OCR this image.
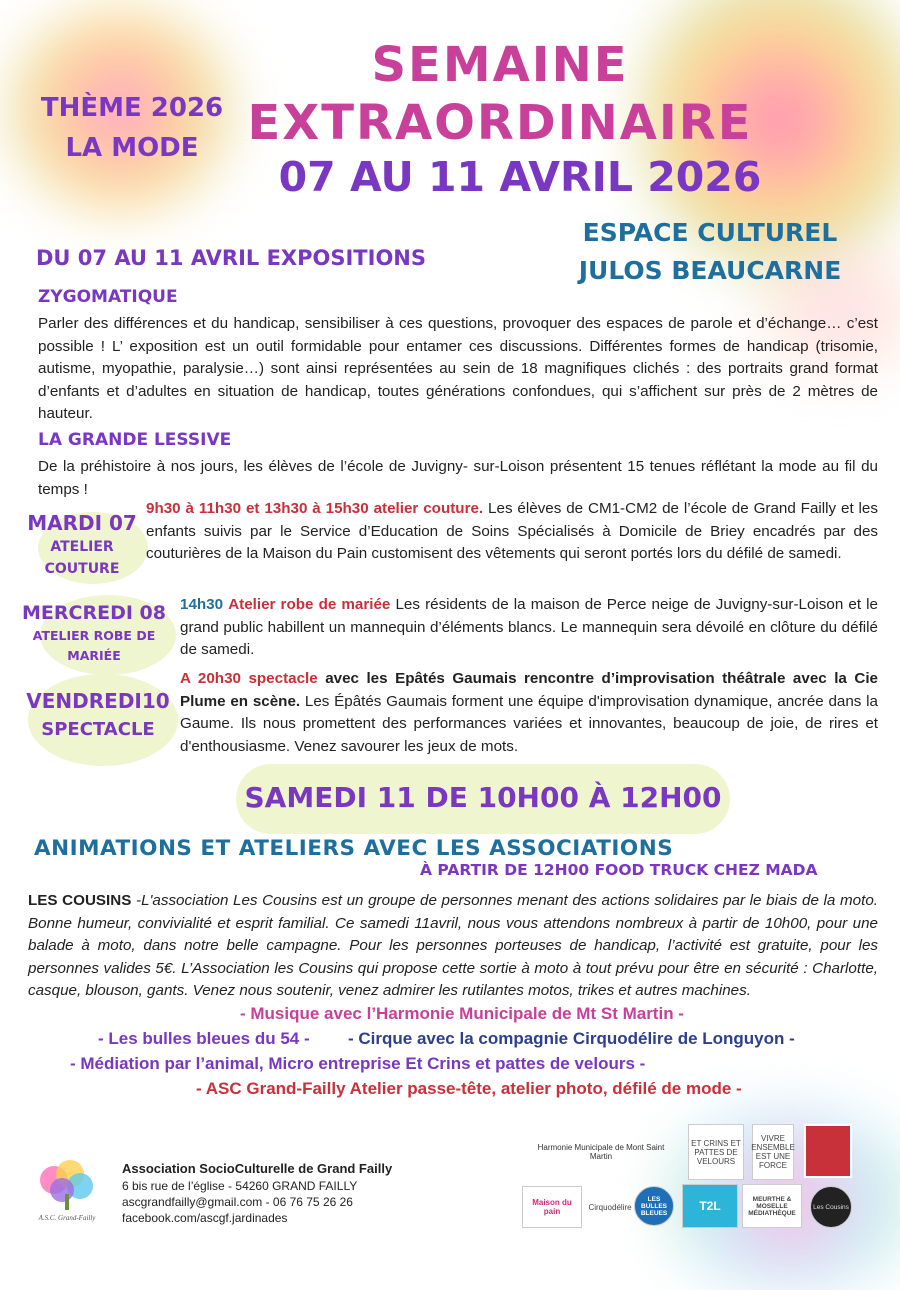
THÈME 2026
LA MODE
SEMAINE
EXTRAORDINAIRE
07 AU 11 AVRIL 2026
ESPACE CULTUREL
JULOS BEAUCARNE
DU 07 AU 11 AVRIL EXPOSITIONS
ZYGOMATIQUE
Parler des différences et du handicap, sensibiliser à ces questions, provoquer des espaces de parole et d’échange… c’est possible ! L’ exposition est un outil formidable pour entamer ces discussions. Différentes formes de handicap (trisomie, autisme, myopathie, paralysie…) sont ainsi représentées au sein de 18 magnifiques clichés : des portraits grand format d’enfants et d’adultes en situation de handicap, toutes générations confondues, qui s’affichent sur près de 2 mètres de hauteur.
LA GRANDE LESSIVE
De la préhistoire à nos jours, les élèves de l’école de Juvigny- sur-Loison présentent 15 tenues réflétant la mode au fil du temps !
MARDI 07
ATELIER
COUTURE
9h30 à 11h30 et 13h30 à 15h30 atelier couture. Les élèves de CM1-CM2 de l’école de Grand Failly et les enfants suivis par le Service d’Education de Soins Spécialisés à Domicile de Briey encadrés par des couturières de la Maison du Pain customisent des vêtements qui seront portés lors du défilé de samedi.
MERCREDI 08
ATELIER ROBE DE
MARIÉE
14h30 Atelier robe de mariée Les résidents de la maison de Perce neige de Juvigny-sur-Loison et le grand public habillent un mannequin d’éléments blancs. Le mannequin sera dévoilé en clôture du défilé de samedi.
VENDREDI10
SPECTACLE
A 20h30 spectacle avec les Epâtés Gaumais rencontre d’improvisation théâtrale avec la Cie Plume en scène. Les Épâtés Gaumais forment une équipe d'improvisation dynamique, ancrée dans la Gaume. Ils nous promettent des performances variées et innovantes, beaucoup de joie, de rires et d'enthousiasme. Venez savourer les jeux de mots.
SAMEDI 11 DE 10H00 À 12H00
ANIMATIONS ET ATELIERS AVEC LES ASSOCIATIONS
À PARTIR DE 12H00 FOOD TRUCK CHEZ MADA
LES COUSINS -L'association Les Cousins est un groupe de personnes menant des actions solidaires par le biais de la moto. Bonne humeur, convivialité et esprit familial. Ce samedi 11avril, nous vous attendons nombreux à partir de 10h00, pour une balade à moto, dans notre belle campagne. Pour les personnes porteuses de handicap, l’activité est gratuite, pour les personnes valides 5€. L’Association les Cousins qui propose cette sortie à moto à tout prévu pour être en sécurité : Charlotte, casque, blouson, gants. Venez nous soutenir, venez admirer les rutilantes motos, trikes et autres machines.
- Musique avec l’Harmonie Municipale de Mt St Martin -
- Les bulles bleues du 54 - - Cirque avec la compagnie Cirquodélire de Longuyon -
- Médiation par l’animal, Micro entreprise Et Crins et pattes de velours -
- ASC Grand-Failly Atelier passe-tête, atelier photo, défilé de mode -
A.S.C. Grand-Failly
Association SocioCulturelle de Grand Failly
6 bis rue de l’église - 54260 GRAND FAILLY
ascgrandfailly@gmail.com - 06 76 75 26 26
facebook.com/ascgf.jardinades
Harmonie Municipale de Mont Saint Martin
ET CRINS ET PATTES DE VELOURS
VIVRE ENSEMBLE EST UNE FORCE
Maison du pain	Cirquodélire
LES BULLES BLEUES	T2L	MEURTHE & MOSELLE MÉDIATHÈQUE
Les Cousins
